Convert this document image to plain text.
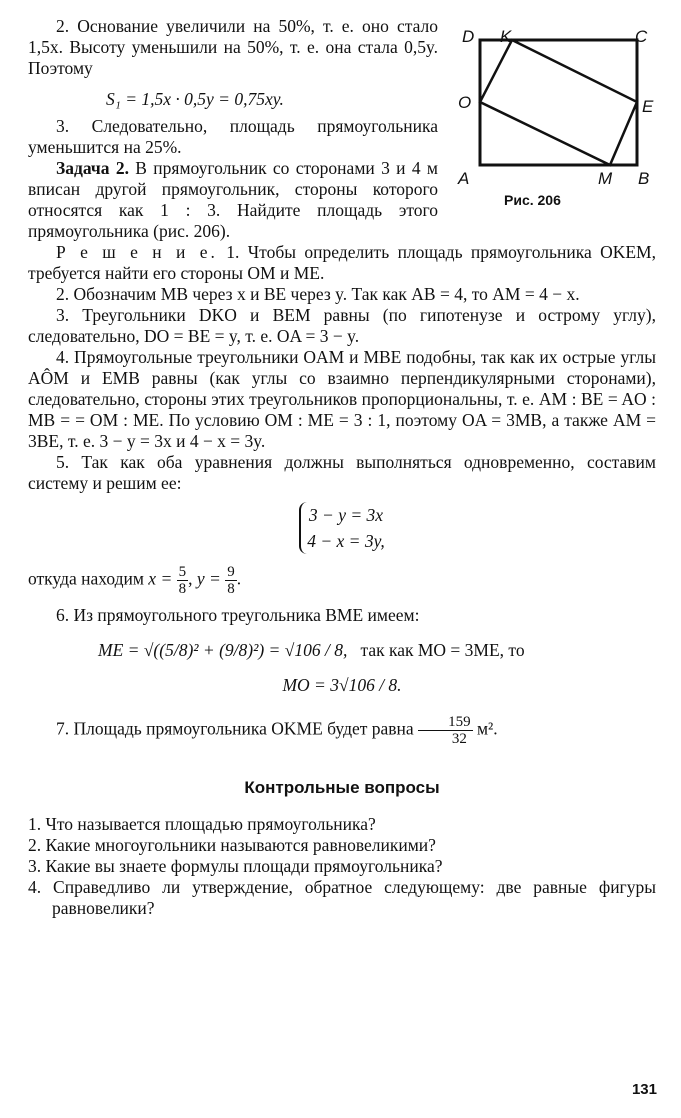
D K	C
O	E
A	M B
Рис. 206

2. Основание увеличили на 50%, т. е. оно стало 1,5x. Высоту уменьшили на 50%, т. е. она стала 0,5y. Поэтому

S₁ = 1,5x · 0,5y = 0,75xy.

3. Следовательно, площадь прямоугольника уменьшится на 25%.

Задача 2. В прямоугольник со сторонами 3 и 4 м вписан другой прямоугольник, стороны которого относятся как 1 : 3. Найдите площадь этого прямоугольника (рис. 206).

Р е ш е н и е. 1. Чтобы определить площадь прямоугольника OKEM, требуется найти его стороны OM и ME.

2. Обозначим MB через x и BE через y. Так как AB = 4, то AM = 4 − x.

3. Треугольники DKO и BEM равны (по гипотенузе и острому углу), следовательно, DO = BE = y, т. е. OA = 3 − y.

4. Прямоугольные треугольники OAM и MBE подобны, так как их острые углы AÔM и EMB равны (как углы со взаимно перпендикулярными сторонами), следовательно, стороны этих треугольников пропорциональны, т. е. AM : BE = AO : MB = = OM : ME. По условию OM : ME = 3 : 1, поэтому OA = 3MB, а также AM = 3BE, т. е. 3 − y = 3x и 4 − x = 3y.

5. Так как оба уравнения должны выполняться одновременно, составим систему и решим ее:

3 − y = 3x
4 − x = 3y,

откуда находим $x = \frac{5}{8}$ , $y = \frac{9}{8}$ .

6. Из прямоугольного треугольника BME имеем:

ME = √((5/8)² + (9/8)²) = √106 / 8, так как MO = 3ME, то

MO = 3√106 / 8.

7. Площадь прямоугольника OKME будет равна $\frac{159}{32} м^2$.

Контрольные вопросы

1. Что называется площадью прямоугольника?

2. Какие многоугольники называются равновеликими?

3. Какие вы знаете формулы площади прямоугольника?

4. Справедливо ли утверждение, обратное следующему: две равные фигуры равновелики?

131
